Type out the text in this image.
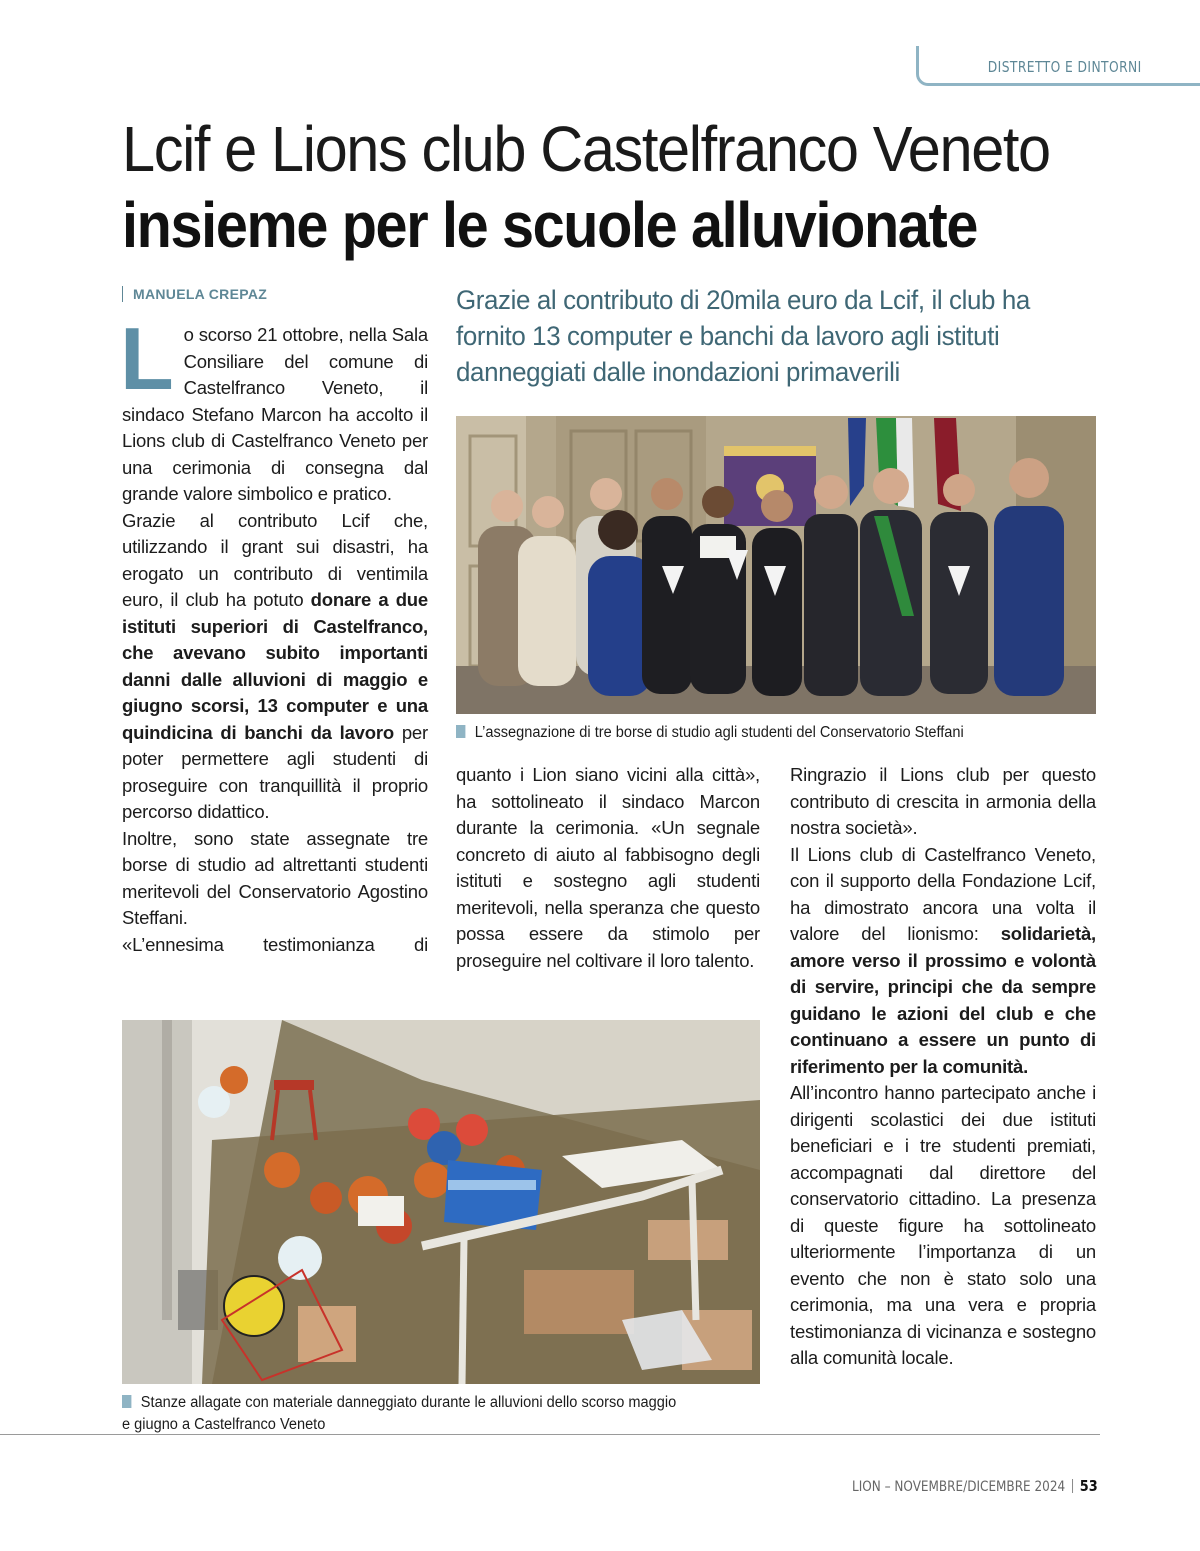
DISTRETTO E DINTORNI
Lcif e Lions club Castelfranco Veneto
insieme per le scuole alluvionate
MANUELA CREPAZ	Grazie al contributo di 20mila euro da Lcif, il club ha fornito 13 computer e banchi da lavoro agli istituti danneggiati dalle inondazioni primaverili
L o scorso 21 ottobre, nella Sala Consiliare del comune di Castelfranco Veneto, il sindaco Stefano Marcon ha accolto il Lions club di Castelfranco Veneto per una cerimonia di consegna dal grande valore simbolico e pratico.

Grazie al contributo Lcif che, utilizzando il grant sui disastri, ha erogato un contributo di ventimila euro, il club ha potuto donare a due istituti superiori di Castelfranco, che avevano subito importanti danni dalle alluvioni di maggio e giugno scorsi, 13 computer e una quindicina di banchi da lavoro per poter permettere agli studenti di proseguire con tranquillità il proprio percorso didattico.

Inoltre, sono state assegnate tre borse di studio ad altrettanti studenti meritevoli del Conservatorio Agostino Steffani.

«L’ennesima testimonianza di

L’assegnazione di tre borse di studio agli studenti del Conservatorio Steffani

quanto i Lion siano vicini alla città», ha sottolineato il sindaco Marcon durante la cerimonia. «Un segnale concreto di aiuto al fabbisogno degli istituti e sostegno agli studenti meritevoli, nella speranza che questo possa essere da stimolo per proseguire nel coltivare il loro talento.

Ringrazio il Lions club per questo contributo di crescita in armonia della nostra società».

Il Lions club di Castelfranco Veneto, con il supporto della Fondazione Lcif, ha dimostrato ancora una volta il valore del lionismo: solidarietà, amore verso il prossimo e volontà di servire, principi che da sempre guidano le azioni del club e che continuano a essere un punto di riferimento per la comunità.

All’incontro hanno partecipato anche i dirigenti scolastici dei due istituti beneficiari e i tre studenti premiati, accompagnati dal direttore del conservatorio cittadino. La presenza di queste figure ha sottolineato ulteriormente l’importanza di un evento che non è stato solo una cerimonia, ma una vera e propria testimonianza di vicinanza e sostegno alla comunità locale.

Stanze allagate con materiale danneggiato durante le alluvioni dello scorso maggio
e giugno a Castelfranco Veneto
LION – NOVEMBRE/DICEMBRE 2024 53
